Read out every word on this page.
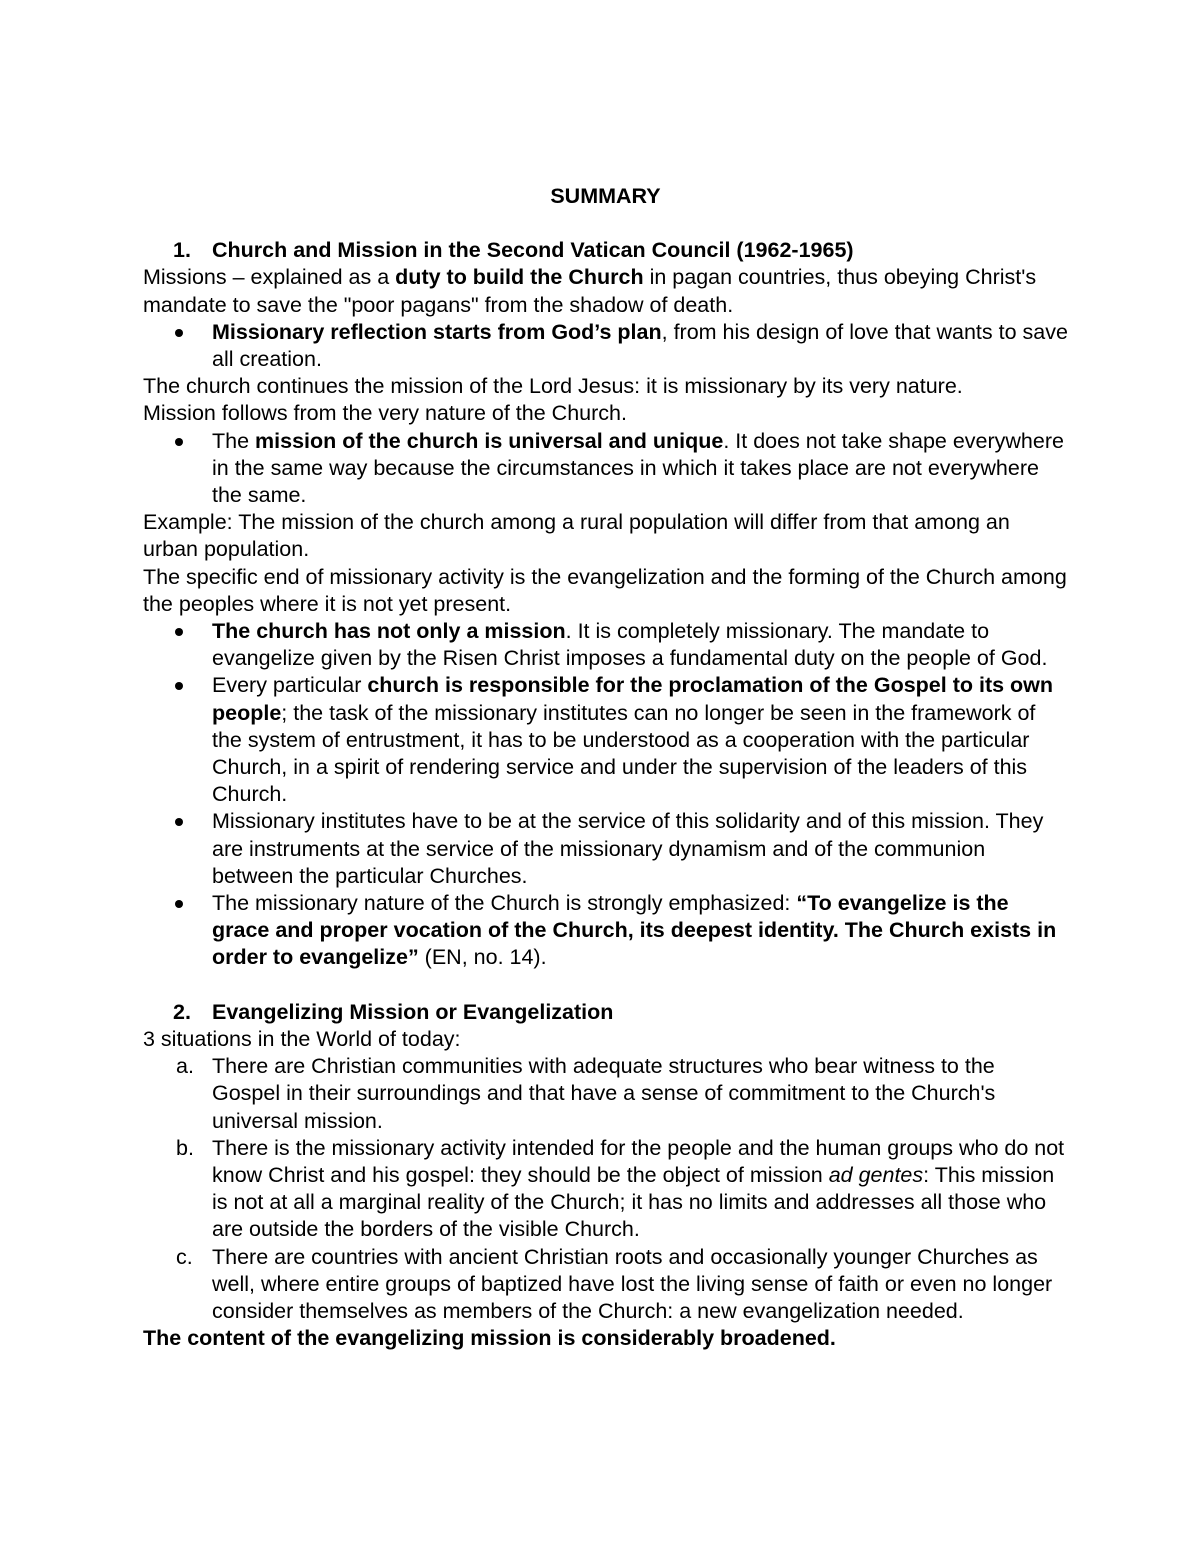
SUMMARY

1. Church and Mission in the Second Vatican Council (1962-1965)

Missions – explained as a duty to build the Church in pagan countries, thus obeying Christ's mandate to save the "poor pagans" from the shadow of death.

Missionary reflection starts from God’s plan, from his design of love that wants to save all creation.

The church continues the mission of the Lord Jesus: it is missionary by its very nature.

Mission follows from the very nature of the Church.

The mission of the church is universal and unique. It does not take shape everywhere in the same way because the circumstances in which it takes place are not everywhere the same.

Example: The mission of the church among a rural population will differ from that among an urban population.

The specific end of missionary activity is the evangelization and the forming of the Church among the peoples where it is not yet present.

The church has not only a mission. It is completely missionary. The mandate to evangelize given by the Risen Christ imposes a fundamental duty on the people of God.
Every particular church is responsible for the proclamation of the Gospel to its own people; the task of the missionary institutes can no longer be seen in the framework of the system of entrustment, it has to be understood as a cooperation with the particular Church, in a spirit of rendering service and under the supervision of the leaders of this Church.
Missionary institutes have to be at the service of this solidarity and of this mission. They are instruments at the service of the missionary dynamism and of the communion between the particular Churches.
The missionary nature of the Church is strongly emphasized: “To evangelize is the grace and proper vocation of the Church, its deepest identity. The Church exists in order to evangelize” (EN, no. 14).

2. Evangelizing Mission or Evangelization

3 situations in the World of today:

a. There are Christian communities with adequate structures who bear witness to the Gospel in their surroundings and that have a sense of commitment to the Church's universal mission.
b. There is the missionary activity intended for the people and the human groups who do not know Christ and his gospel: they should be the object of mission ad gentes: This mission is not at all a marginal reality of the Church; it has no limits and addresses all those who are outside the borders of the visible Church.
c. There are countries with ancient Christian roots and occasionally younger Churches as well, where entire groups of baptized have lost the living sense of faith or even no longer consider themselves as members of the Church: a new evangelization needed.

The content of the evangelizing mission is considerably broadened.
